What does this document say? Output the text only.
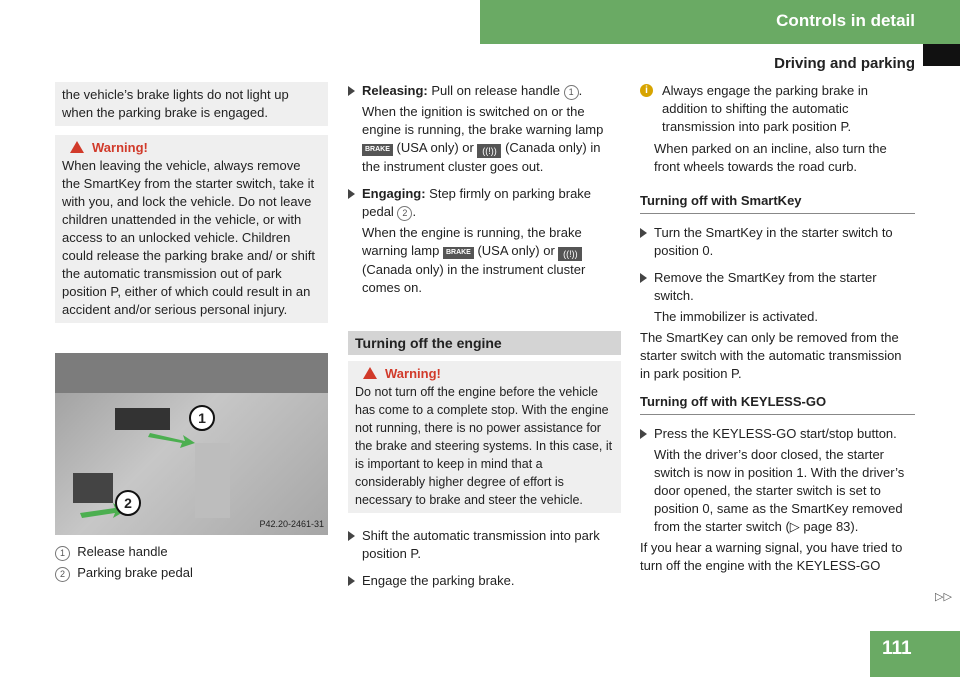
Controls in detail
Driving and parking

the vehicle’s brake lights do not light up when the parking brake is engaged.

Warning!

When leaving the vehicle, always remove the SmartKey from the starter switch, take it with you, and lock the vehicle. Do not leave children unattended in the vehicle, or with access to an unlocked vehicle. Children could release the parking brake and/ or shift the automatic transmission out of park position P, either of which could result in an accident and/or serious personal injury.

1
2
P42.20-2461-31

1 Release handle

2 Parking brake pedal

Releasing: Pull on release handle 1 .

When the ignition is switched on or the engine is running, the brake warning lamp BRAKE (USA only) or ((!)) (Canada only) in the instrument cluster goes out.

Engaging: Step firmly on parking brake pedal 2 .

When the engine is running, the brake warning lamp BRAKE (USA only) or ((!)) (Canada only) in the instrument cluster comes on.

Turning off the engine

Warning!

Do not turn off the engine before the vehicle has come to a complete stop. With the engine not running, there is no power assistance for the brake and steering systems. In this case, it is important to keep in mind that a considerably higher degree of effort is necessary to brake and steer the vehicle.

Shift the automatic transmission into park position P.

Engage the parking brake.

i	Always engage the parking brake in addition to shifting the automatic transmission into park position P.

When parked on an incline, also turn the front wheels towards the road curb.

Turning off with SmartKey

Turn the SmartKey in the starter switch to position 0.

Remove the SmartKey from the starter switch.

The immobilizer is activated.

The SmartKey can only be removed from the starter switch with the automatic transmission in park position P.

Turning off with KEYLESS-GO

Press the KEYLESS-GO start/stop button.

With the driver’s door closed, the starter switch is now in position 1. With the driver’s door opened, the starter switch is set to position 0, same as the SmartKey removed from the starter switch (▷ page 83).

If you hear a warning signal, you have tried to turn off the engine with the KEYLESS-GO

▷▷
111
